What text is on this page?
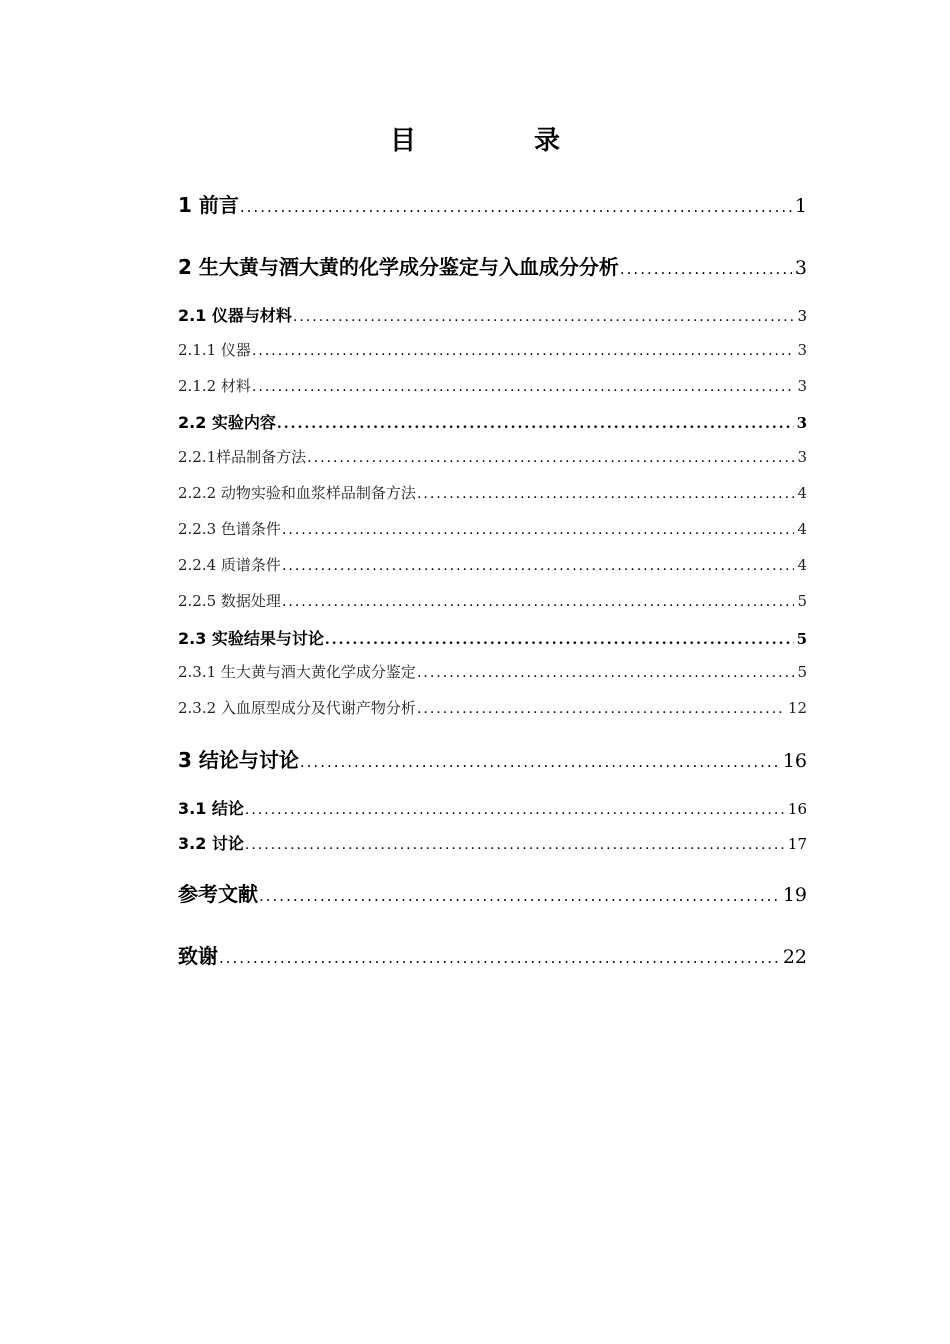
目　录
1 前言 .....	1
2 生大黄与酒大黄的化学成分鉴定与入血成分分析 .....	3
2.1 仪器与材料 .....	3
2.1.1 仪器 .....	3
2.1.2 材料 .....	3
2.2 实验内容 .....	3
2.2.1样品制备方法 .....	3
2.2.2 动物实验和血浆样品制备方法 .....	4
2.2.3 色谱条件 .....	4
2.2.4 质谱条件 .....	4
2.2.5 数据处理 .....	5
2.3 实验结果与讨论 .....	5
2.3.1 生大黄与酒大黄化学成分鉴定 .....	5
2.3.2 入血原型成分及代谢产物分析 .....	12
3 结论与讨论 .....	16
3.1 结论 .....	16
3.2 讨论 .....	17
参考文献 .....	19
致谢 .....	22
